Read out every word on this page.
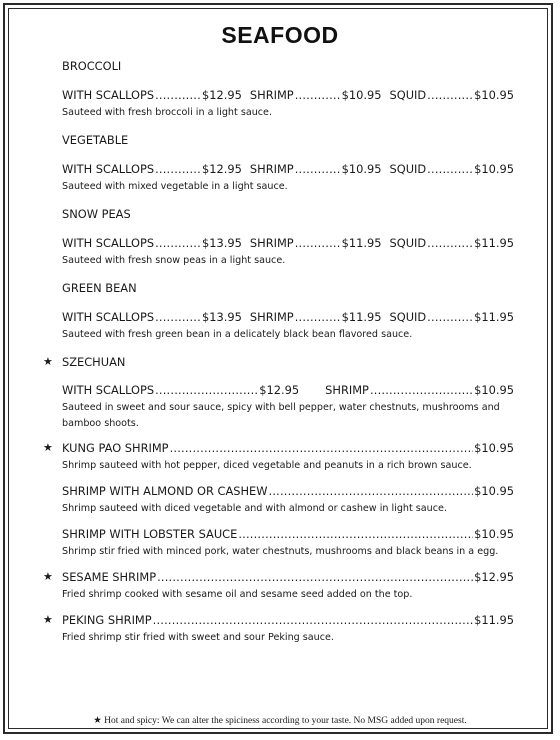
SEAFOOD
BROCCOLI
WITH SCALLOPS .....	$12.95 SHRIMP .....	$10.95 SQUID .....	$10.95
Sauteed with fresh broccoli in a light sauce.
VEGETABLE
WITH SCALLOPS .....	$12.95 SHRIMP .....	$10.95 SQUID .....	$10.95
Sauteed with mixed vegetable in a light sauce.
SNOW PEAS
WITH SCALLOPS .....	$13.95 SHRIMP .....	$11.95 SQUID .....	$11.95
Sauteed with fresh snow peas in a light sauce.
GREEN BEAN
WITH SCALLOPS .....	$13.95 SHRIMP .....	$11.95 SQUID .....	$11.95
Sauteed with fresh green bean in a delicately black bean flavored sauce.
★ SZECHUAN
WITH SCALLOPS .....	$12.95 SHRIMP .....	$10.95
Sauteed in sweet and sour sauce, spicy with bell pepper, water chestnuts, mushrooms and bamboo shoots.
★ KUNG PAO SHRIMP .....	$10.95
Shrimp sauteed with hot pepper, diced vegetable and peanuts in a rich brown sauce.
SHRIMP WITH ALMOND OR CASHEW .....	$10.95
Shrimp sauteed with diced vegetable and with almond or cashew in light sauce.
SHRIMP WITH LOBSTER SAUCE .....	$10.95
Shrimp stir fried with minced pork, water chestnuts, mushrooms and black beans in a egg.
★ SESAME SHRIMP .....	$12.95
Fried shrimp cooked with sesame oil and sesame seed added on the top.
★ PEKING SHRIMP .....	$11.95
Fried shrimp stir fried with sweet and sour Peking sauce.
★ Hot and spicy: We can alter the spiciness according to your taste. No MSG added upon request.
